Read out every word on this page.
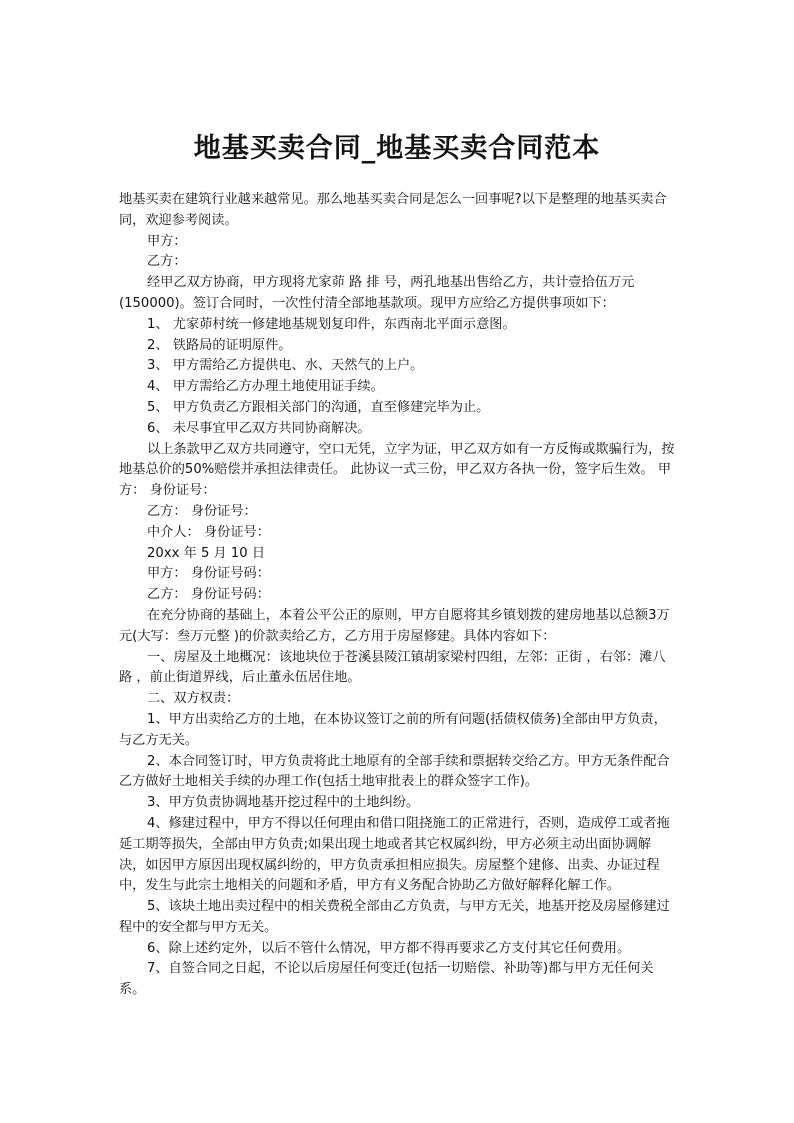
地基买卖合同_地基买卖合同范本

地基买卖在建筑行业越来越常见。那么地基买卖合同是怎么一回事呢?以下是整理的地基买卖合同，欢迎参考阅读。

甲方：

乙方：

经甲乙双方协商，甲方现将尤家茆 路 排 号，两孔地基出售给乙方，共计壹拾伍万元(150000)。签订合同时，一次性付清全部地基款项。现甲方应给乙方提供事项如下：

1、 尤家茆村统一修建地基规划复印件，东西南北平面示意图。

2、 铁路局的证明原件。

3、 甲方需给乙方提供电、水、天然气的上户。

4、 甲方需给乙方办理土地使用证手续。

5、 甲方负责乙方跟相关部门的沟通，直至修建完毕为止。

6、 未尽事宜甲乙双方共同协商解决。

以上条款甲乙双方共同遵守，空口无凭，立字为证，甲乙双方如有一方反悔或欺骗行为，按地基总价的50%赔偿并承担法律责任。 此协议一式三份，甲乙双方各执一份，签字后生效。 甲方： 身份证号：

乙方： 身份证号：

中介人： 身份证号：

20xx 年 5 月 10 日

甲方： 身份证号码：

乙方： 身份证号码：

在充分协商的基础上，本着公平公正的原则，甲方自愿将其乡镇划拨的建房地基以总额3万元(大写：叁万元整 )的价款卖给乙方，乙方用于房屋修建。具体内容如下：

一、房屋及土地概况：该地块位于苍溪县陵江镇胡家梁村四组，左邻：正街 ，右邻：滩八路 ，前止街道界线，后止董永伍居住地。

二、双方权责：

1、甲方出卖给乙方的土地，在本协议签订之前的所有问题(括债权债务)全部由甲方负责，与乙方无关。

2、本合同签订时，甲方负责将此土地原有的全部手续和票据转交给乙方。甲方无条件配合乙方做好土地相关手续的办理工作(包括土地审批表上的群众签字工作)。

3、甲方负责协调地基开挖过程中的土地纠纷。

4、修建过程中，甲方不得以任何理由和借口阻挠施工的正常进行，否则，造成停工或者拖延工期等损失，全部由甲方负责;如果出现土地或者其它权属纠纷，甲方必须主动出面协调解决，如因甲方原因出现权属纠纷的，甲方负责承担相应损失。房屋整个建修、出卖、办证过程中，发生与此宗土地相关的问题和矛盾，甲方有义务配合协助乙方做好解释化解工作。

5、该块土地出卖过程中的相关费税全部由乙方负责，与甲方无关，地基开挖及房屋修建过程中的安全都与甲方无关。

6、除上述约定外，以后不管什么情况，甲方都不得再要求乙方支付其它任何费用。

7、自签合同之日起，不论以后房屋任何变迁(包括一切赔偿、补助等)都与甲方无任何关系。
